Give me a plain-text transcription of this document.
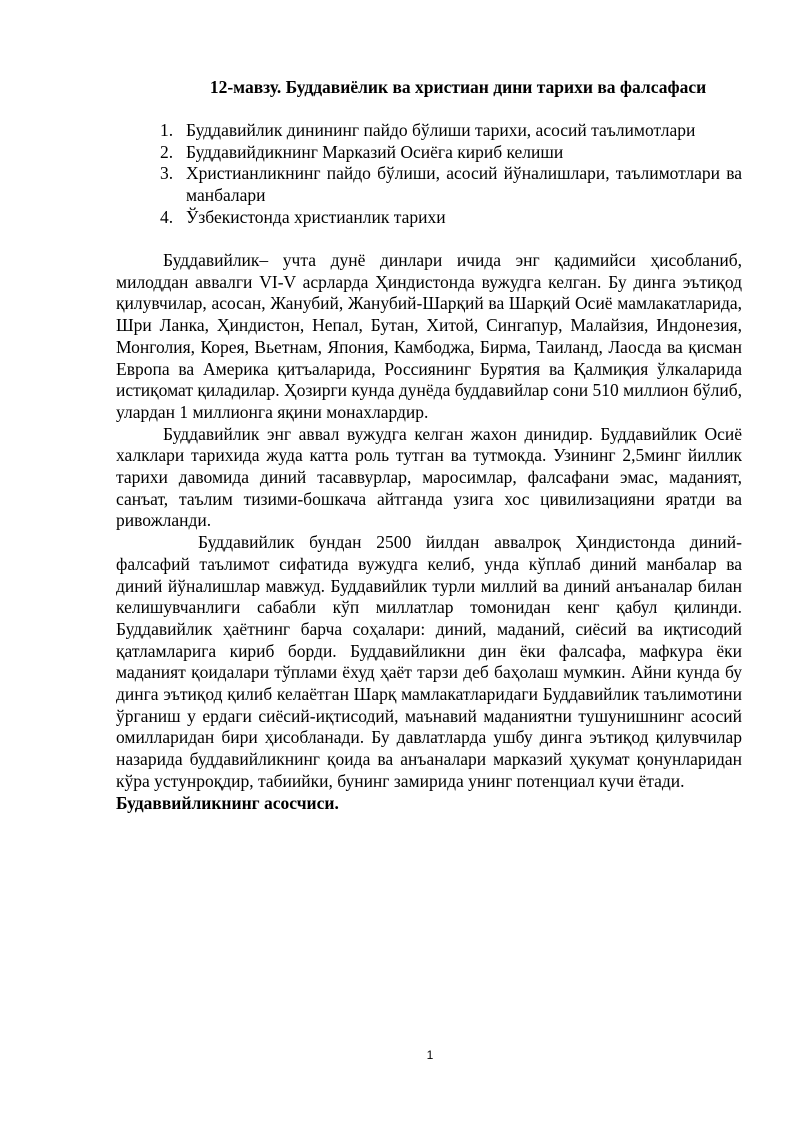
12-мавзу. Буддавиёлик ва христиан дини тарихи ва фалсафаси
1. Буддавийлик динининг пайдо бўлиши тарихи, асосий таълимотлари
2. Буддавийдикнинг Марказий Осиёга кириб келиши
3. Христианликнинг пайдо бўлиши, асосий йўналишлари, таълимотлари ва манбалари
4. Ўзбекистонда христианлик тарихи

Буддавийлик– учта дунё динлари ичида энг қадимийси ҳисобланиб, милоддан аввалги VI-V асрларда Ҳиндистонда вужудга келган. Бу динга эътиқод қилувчилар, асосан, Жанубий, Жанубий-Шарқий ва Шарқий Осиё мамлакатларида, Шри Ланка, Ҳиндистон, Непал, Бутан, Хитой, Сингапур, Малайзия, Индонезия, Монголия, Корея, Вьетнам, Япония, Камбоджа, Бирма, Таиланд, Лаосда ва қисман Европа ва Америка қитъаларида, Россиянинг Бурятия ва Қалмиқия ўлкаларида истиқомат қиладилар. Ҳозирги кунда дунёда буддавийлар сони 510 миллион бўлиб, улардан 1 миллионга яқини монахлардир.

Буддавийлик энг аввал вужудга келган жахон динидир. Буддавийлик Осиё халклари тарихида жуда катта роль тутган ва тутмокда. Узининг 2,5минг йиллик тарихи давомида диний тасаввурлар, маросимлар, фалсафани эмас, маданият, санъат, таълим тизими-бошкача айтганда узига хос цивилизацияни яратди ва ривожланди.

Буддавийлик бундан 2500 йилдан аввалроқ Ҳиндистонда диний-фалсафий таълимот сифатида вужудга келиб, унда кўплаб диний манбалар ва диний йўналишлар мавжуд. Буддавийлик турли миллий ва диний анъаналар билан келишувчанлиги сабабли кўп миллатлар томонидан кенг қабул қилинди. Буддавийлик ҳаётнинг барча соҳалари: диний, маданий, сиёсий ва иқтисодий қатламларига кириб борди. Буддавийликни дин ёки фалсафа, мафкура ёки маданият қоидалари тўплами ёхуд ҳаёт тарзи деб баҳолаш мумкин. Айни кунда бу динга эътиқод қилиб келаётган Шарқ мамлакатларидаги Буддавийлик таълимотини ўрганиш у ердаги сиёсий-иқтисодий, маънавий маданиятни тушунишнинг асосий омилларидан бири ҳисобланади. Бу давлатларда ушбу динга эътиқод қилувчилар назарида буддавийликнинг қоида ва анъаналари марказий ҳукумат қонунларидан кўра устунроқдир, табиийки, бунинг замирида унинг потенциал кучи ётади.

Будаввийликнинг асосчиси.

1
